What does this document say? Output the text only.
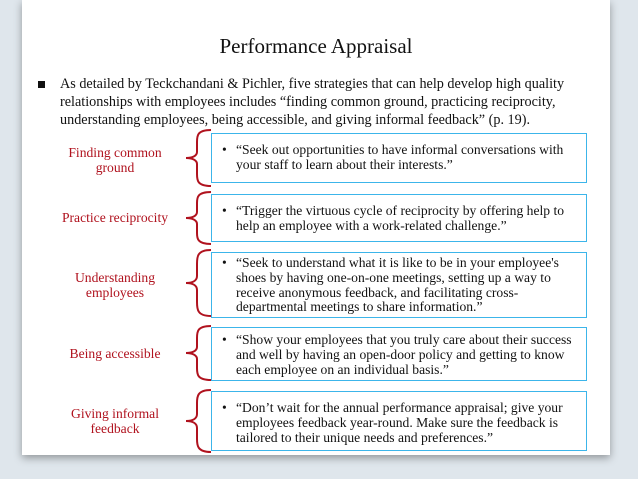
Performance Appraisal
As detailed by Teckchandani & Pichler, five strategies that can help develop high quality relationships with employees includes “finding common ground, practicing reciprocity, understanding employees, being accessible, and giving informal feedback” (p. 19).
Finding common ground
• “Seek out opportunities to have informal conversations with your staff to learn about their interests.”
Practice reciprocity	• “Trigger the virtuous cycle of reciprocity by offering help to help an employee with a work-related challenge.”
Understanding employees
• “Seek to understand what it is like to be in your employee's shoes by having one-on-one meetings, setting up a way to receive anonymous feedback, and facilitating cross-departmental meetings to share information.”
Being accessible
• “Show your employees that you truly care about their success and well by having an open-door policy and getting to know each employee on an individual basis.”
Giving informal feedback
• “Don’t wait for the annual performance appraisal; give your employees feedback year-round. Make sure the feedback is tailored to their unique needs and preferences.”
